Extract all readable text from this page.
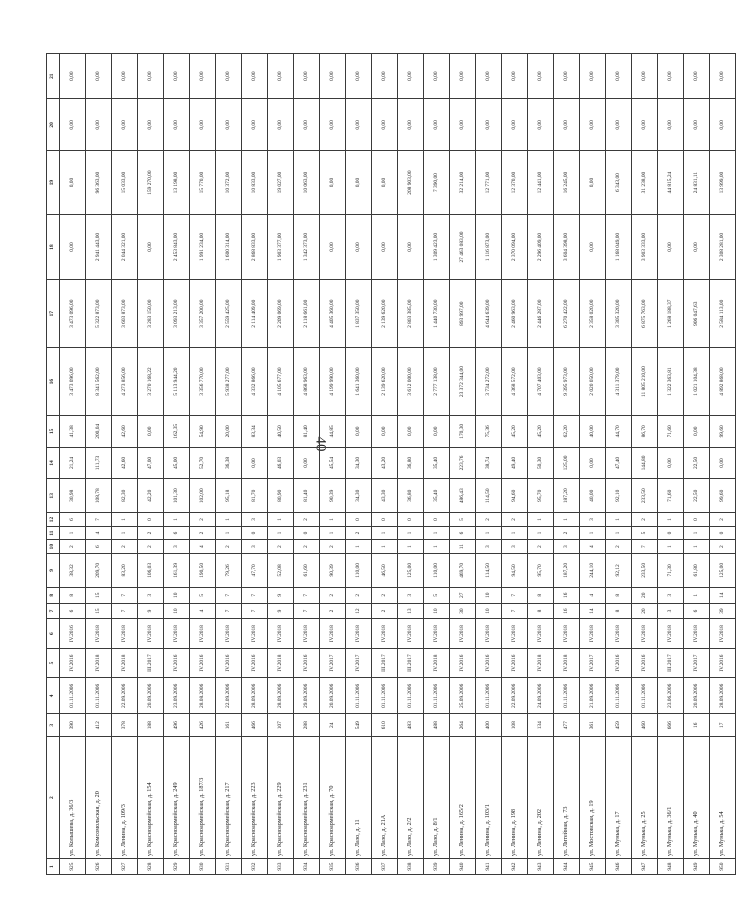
40
1	2	3	4	5	6	7	8	9	10	11	12	13	14	15	16	17	18	19	20	21
925	ул. Колышева, д. 36/3	390	01.11.2006	IV.2016	IV.2016	6	8	38,32	2	1	6	30,98	21,24	41,38	3 473 096,00	3 473 096,00	0,00	0,00	0,00	0,00
926	ул. Комсомольская, д. 20	412	01.11.2006	IV.2018	IV.2018	15	15	209,70	6	4	7	108,78	111,73	200,04	8 341 562,00	5 322 873,00	2 941 443,00	96 363,00	0,00	0,00
927	ул. Ленина, д. 109/3	378	22.09.2006	IV.2018	IV.2018	7	7	83,20	2	1	1	82,30	42,60	42,60	4 273 856,00	3 603 873,00	2 044 321,00	15 033,00	0,00	0,00
928	ул. Красноармейская, д. 154	188	20.09.2006	III.2017	IV.2018	9	3	106,03	2	2	0	42,20	47,00	0,00	3 270 168,22	3 283 150,00	0,00	159 270,00	0,00	0,00
929	ул. Красноармейская, д. 249	496	23.09.2006	IV.2016	IV.2018	10	10	161,39	3	6	1	101,30	45,00	162,35	5 113 944,20	3 093 213,00	2 453 843,00	13 198,00	0,00	0,00
930	ул. Красноармейская, д. 187/3	426	28.08.2006	IV.2016	IV.2018	4	5	190,50	4	2	2	102,00	52,70	54,90	3 356 770,00	3 357 200,00	1 991 234,00	15 770,00	0,00	0,00
931	ул. Красноармейская, д. 217	161	22.09.2006	IV.2016	IV.2018	7	7	79,26	2	1	1	95,18	36,38	20,00	5 938 277,00	2 559 425,00	1 600 314,00	10 372,00	0,00	0,00
932	ул. Красноармейская, д. 223	466	28.09.2006	IV.2016	IV.2018	7	7	47,70	3	0	3	81,70	0,00	83,34	4 332 866,00	2 114 409,00	2 868 833,00	10 833,00	0,00	0,00
933	ул. Красноармейская, д. 229	107	28.09.2006	IV.2018	IV.2018	9	9	52,08	2	1	1	80,90	46,03	40,50	4 105 677,00	2 209 069,00	1 903 377,00	19 027,00	0,00	0,00
934	ул. Красноармейская, д. 231	288	29.09.2006	IV.2016	IV.2018	7	7	61,60	2	0	2	81,40	0,00	81,40	4 868 963,00	2 118 661,00	1 342 373,00	10 063,00	0,00	0,00
935	ул. Красноармейская, д. 70	24	20.09.2006	IV.2017	IV.2018	2	2	90,39	2	1	1	90,39	45,54	44,85	4 199 990,00	4 405 360,00	0,00	0,00	0,00	0,00
936	ул. Лазо, д. 11	549	01.11.2006	IV.2017	IV.2018	12	2	110,00	1	2	0	34,30	34,30	0,00	1 641 360,00	1 837 350,00	0,00	0,00	0,00	0,00
937	ул. Лазо, д. 21А	610	01.11.2006	III.2017	IV.2018	2	2	46,50	1	1	0	43,30	43,20	0,00	2 139 620,00	2 139 620,00	0,00	0,00	0,00	0,00
938	ул. Лазо, д. 2/2	483	01.11.2006	III.2017	IV.2018	13	3	125,00	1	1	0	36,80	36,80	0,00	3 612 000,00	2 803 385,00	0,00	208 903,00	0,00	0,00
939	ул. Лазо, д. 8/1	488	01.11.2006	IV.2018	IV.2018	10	5	110,00	1	1	0	35,40	35,40	0,00	2 777 138,00	1 440 730,00	1 309 423,00	7 390,00	0,00	0,00
940	ул. Ленина, д. 165/2	264	25.09.2006	IV.2016	IV.2018	30	27	469,70	11	6	5	486,43	223,76	170,30	23 372 344,00	893 997,00	27 463 083,00	32 214,00	0,00	0,00
941	ул. Ленина, д. 103/1	400	01.11.2006	IV.2016	IV.2018	10	10	114,50	3	1	2	114,50	38,74	75,36	3 734 272,00	4 644 639,00	1 116 873,00	12 771,00	0,00	0,00
942	ул. Ленина, д. 198	108	22.09.2006	IV.2016	IV.2018	7	7	94,50	3	1	2	94,60	49,40	45,20	4 368 572,00	2 460 963,00	2 370 094,00	12 370,00	0,00	0,00
943	ул. Ленина, д. 202	134	24.09.2006	IV.2018	IV.2018	8	8	95,70	2	1	1	95,70	50,30	45,20	4 707 403,00	2 446 287,00	2 296 409,00	12 441,00	0,00	0,00
944	ул. Литейная, д. 73	477	01.11.2006	IV.2018	IV.2018	16	16	187,20	3	2	1	187,20	125,00	62,20	9 395 973,00	6 270 422,00	3 604 398,00	16 245,00	0,00	0,00
945	ул. Мостовская, д. 19	361	21.09.2006	IV.2017	IV.2018	14	4	244,10	4	1	3	40,00	0,00	40,00	2 020 050,00	2 358 020,00	0,00	0,00	0,00	0,00
946	ул. Мунька, д. 17	459	01.11.2006	IV.2016	IV.2018	8	8	92,12	2	1	1	92,10	47,40	44,70	4 311 379,00	3 305 320,00	1 168 049,00	6 343,00	0,00	0,00
947	ул. Мунька, д. 25	460	01.11.2006	IV.2016	IV.2018	20	20	233,50	7	5	2	233,50	144,80	86,70	11 805 210,00	6 875 763,00	3 903 333,00	31 238,00	0,00	0,00
948	ул. Мунька, д. 36/1	666	23.06.2006	III.2017	IV.2018	3	3	71,30	1	0	1	71,60	0,00	71,60	1 322 363,81	1 268 188,37	0,00	44 815,24	0,00	0,00
949	ул. Мунька, д. 40	16	20.09.2006	IV.2017	IV.2018	6	1	61,80	1	1	0	22,50	22,50	0,00	1 021 104,38	906 047,63	0,00	24 831,11	0,00	0,00
950	ул. Мунька, д. 54	17	28.09.2006	IV.2016	IV.2018	39	14	125,00	2	0	2	99,60	0,00	99,60	4 892 868,00	2 584 113,00	2 308 281,00	13 999,00	0,00	0,00
